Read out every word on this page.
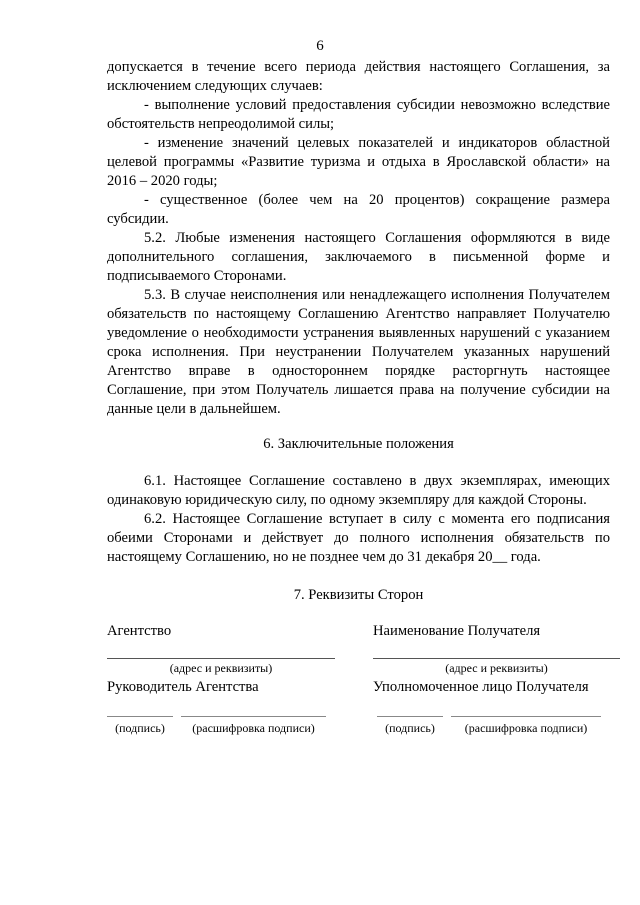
6

допускается в течение всего периода действия настоящего Соглашения, за исключением следующих случаев:

- выполнение условий предоставления субсидии невозможно вследствие обстоятельств непреодолимой силы;

- изменение значений целевых показателей и индикаторов областной целевой программы «Развитие туризма и отдыха в Ярославской области» на 2016 – 2020 годы;

- существенное (более чем на 20 процентов) сокращение размера субсидии.

5.2. Любые изменения настоящего Соглашения оформляются в виде дополнительного соглашения, заключаемого в письменной форме и подписываемого Сторонами.

5.3. В случае неисполнения или ненадлежащего исполнения Получателем обязательств по настоящему Соглашению Агентство направляет Получателю уведомление о необходимости устранения выявленных нарушений с указанием срока исполнения. При неустранении Получателем указанных нарушений Агентство вправе в одностороннем порядке расторгнуть настоящее Соглашение, при этом Получатель лишается права на получение субсидии на данные цели в дальнейшем.

6. Заключительные положения

6.1. Настоящее Соглашение составлено в двух экземплярах, имеющих одинаковую юридическую силу, по одному экземпляру для каждой Стороны.

6.2. Настоящее Соглашение вступает в силу с момента его подписания обеими Сторонами и действует до полного исполнения обязательств по настоящему Соглашению, но не позднее чем до 31 декабря 20__ года.

7. Реквизиты Сторон
Агентство
(адрес и реквизиты)
Руководитель Агентства
(подпись) (расшифровка подписи)
Наименование Получателя
(адрес и реквизиты)
Уполномоченное лицо Получателя
(подпись) (расшифровка подписи)
